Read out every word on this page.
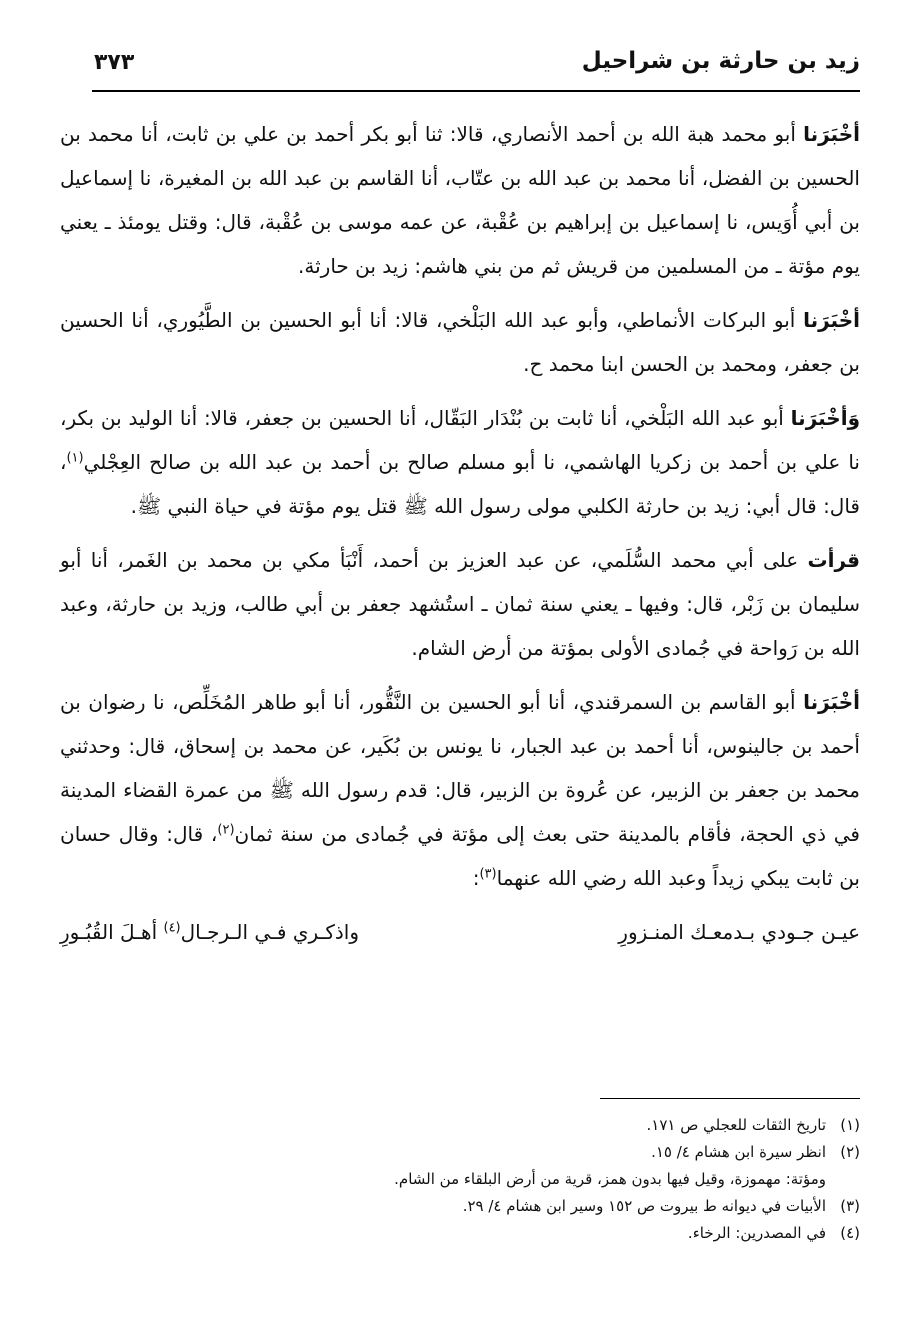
زيد بن حارثة بن شراحيل
٣٧٣

أخْبَرَنا أبو محمد هبة الله بن أحمد الأنصاري، قالا: ثنا أبو بكر أحمد بن علي بن ثابت، أنا محمد بن الحسين بن الفضل، أنا محمد بن عبد الله بن عتّاب، أنا القاسم بن عبد الله بن المغيرة، نا إسماعيل بن أبي أُوَيس، نا إسماعيل بن إبراهيم بن عُقْبة، عن عمه موسى بن عُقْبة، قال: وقتل يومئذ ـ يعني يوم مؤتة ـ من المسلمين من قريش ثم من بني هاشم: زيد بن حارثة.

أخْبَرَنا أبو البركات الأنماطي، وأبو عبد الله البَلْخي، قالا: أنا أبو الحسين بن الطَّيُوري، أنا الحسين بن جعفر، ومحمد بن الحسن ابنا محمد ح.

وَأخْبَرَنا أبو عبد الله البَلْخي، أنا ثابت بن بُنْدَار البَقّال، أنا الحسين بن جعفر، قالا: أنا الوليد بن بكر، نا علي بن أحمد بن زكريا الهاشمي، نا أبو مسلم صالح بن أحمد بن عبد الله بن صالح العِجْلي$^{(١)}$، قال: قال أبي: زيد بن حارثة الكلبي مولى رسول الله ﷺ قتل يوم مؤتة في حياة النبي ﷺ.

قرأت على أبي محمد السُّلَمي، عن عبد العزيز بن أحمد، أَنْبَأ مكي بن محمد بن الغَمر، أنا أبو سليمان بن زَبْر، قال: وفيها ـ يعني سنة ثمان ـ استُشهد جعفر بن أبي طالب، وزيد بن حارثة، وعبد الله بن رَواحة في جُمادى الأولى بمؤتة من أرض الشام.

أخْبَرَنا أبو القاسم بن السمرقندي، أنا أبو الحسين بن النَّقُّور، أنا أبو طاهر المُخَلِّص، نا رضوان بن أحمد بن جالينوس، أنا أحمد بن عبد الجبار، نا يونس بن بُكَير، عن محمد بن إسحاق، قال: وحدثني محمد بن جعفر بن الزبير، عن عُروة بن الزبير، قال: قدم رسول الله ﷺ من عمرة القضاء المدينة في ذي الحجة، فأقام بالمدينة حتى بعث إلى مؤتة في جُمادى من سنة ثمان$^{(٢)}$، قال: وقال حسان بن ثابت يبكي زيداً وعبد الله رضي الله عنهما$^{(٣)}$:

عيـن جـودي بـدمعـك المنـزورِ
واذكـري فـي الـرجـال$^{(٤)}$ أهـلَ القُبُـورِ

(١)تاريخ الثقات للعجلي ص ١٧١.

(٢)انظر سيرة ابن هشام ٤/ ١٥.

ومؤتة: مهموزة، وقيل فيها بدون همز، قرية من أرض البلقاء من الشام.

(٣)الأبيات في ديوانه ط بيروت ص ١٥٢ وسير ابن هشام ٤/ ٢٩.

(٤)في المصدرين: الرخاء.
